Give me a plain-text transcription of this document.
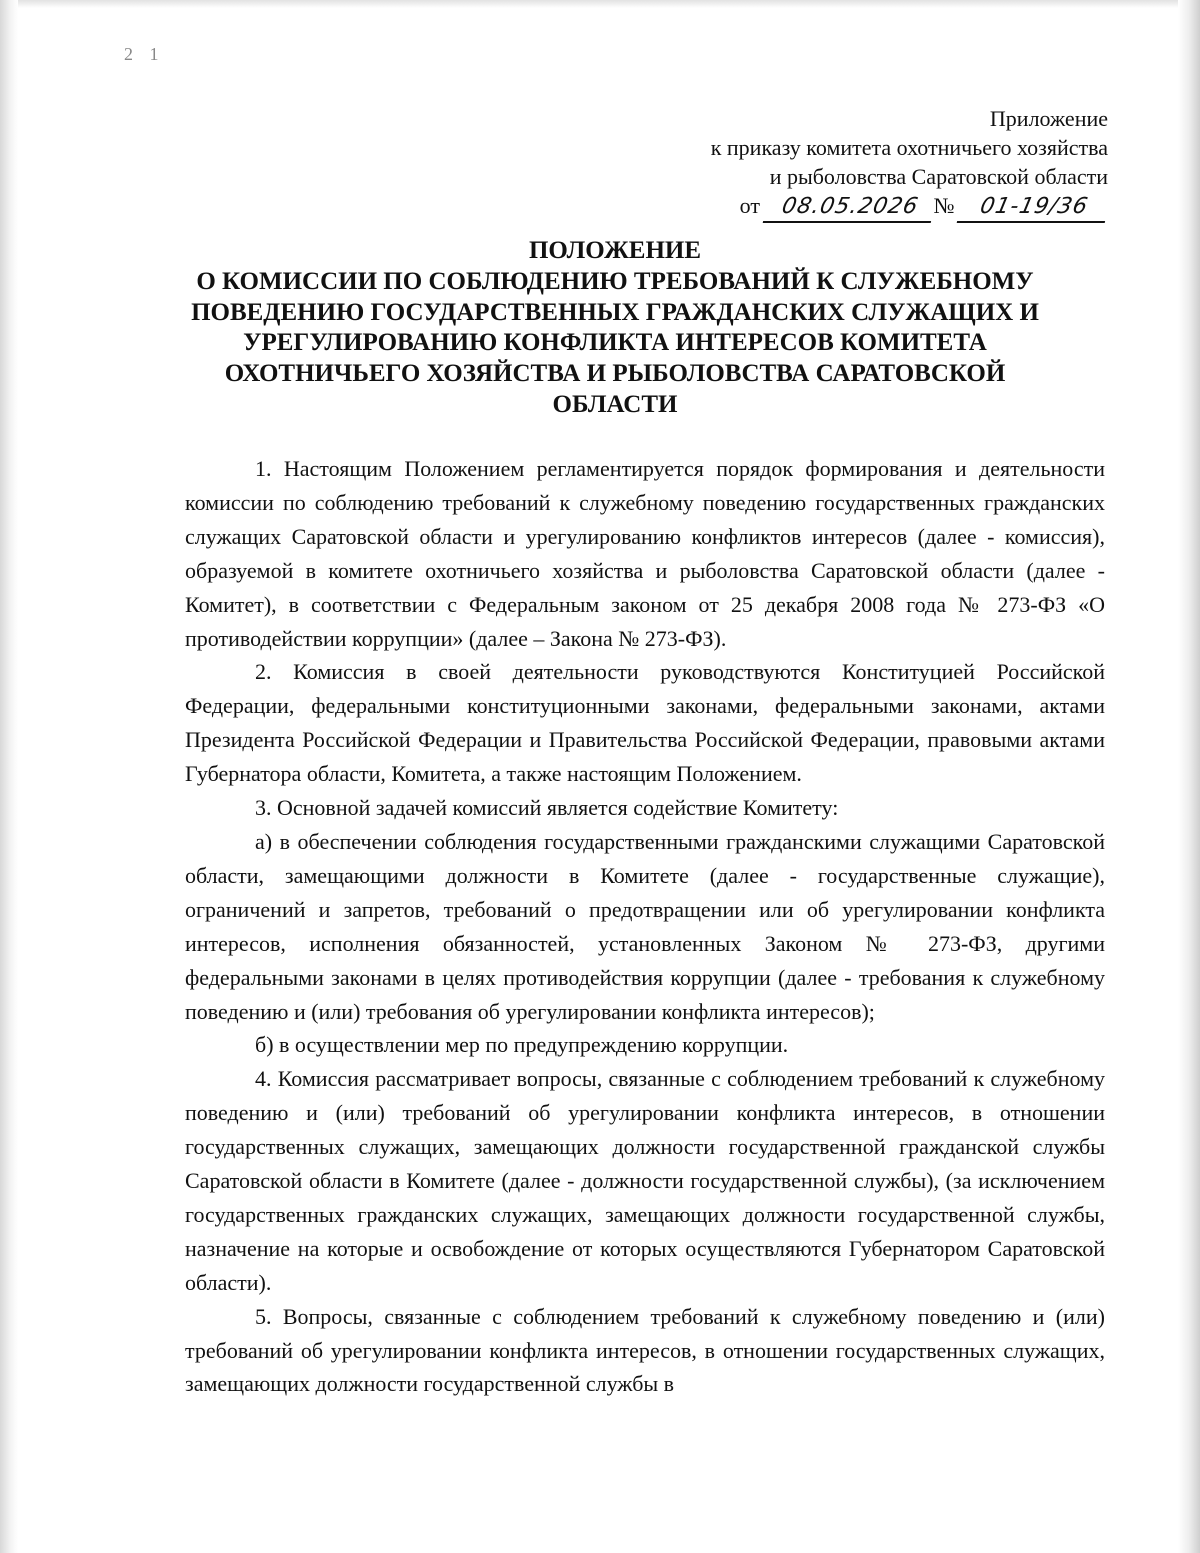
2 1
Приложение
к приказу комитета охотничьего хозяйства
и рыболовства Саратовской области
от 08.05.2026 № 01-19/36
ПОЛОЖЕНИЕ
О КОМИССИИ ПО СОБЛЮДЕНИЮ ТРЕБОВАНИЙ К СЛУЖЕБНОМУ
ПОВЕДЕНИЮ ГОСУДАРСТВЕННЫХ ГРАЖДАНСКИХ СЛУЖАЩИХ И
УРЕГУЛИРОВАНИЮ КОНФЛИКТА ИНТЕРЕСОВ КОМИТЕТА
ОХОТНИЧЬЕГО ХОЗЯЙСТВА И РЫБОЛОВСТВА САРАТОВСКОЙ
ОБЛАСТИ

1. Настоящим Положением регламентируется порядок формирования и деятельности комиссии по соблюдению требований к служебному поведению государственных гражданских служащих Саратовской области и урегулированию конфликтов интересов (далее - комиссия), образуемой в комитете охотничьего хозяйства и рыболовства Саратовской области (далее - Комитет), в соответствии с Федеральным законом от 25 декабря 2008 года № 273-ФЗ «О противодействии коррупции» (далее – Закона № 273-ФЗ).

2. Комиссия в своей деятельности руководствуются Конституцией Российской Федерации, федеральными конституционными законами, федеральными законами, актами Президента Российской Федерации и Правительства Российской Федерации, правовыми актами Губернатора области, Комитета, а также настоящим Положением.

3. Основной задачей комиссий является содействие Комитету:

а) в обеспечении соблюдения государственными гражданскими служащими Саратовской области, замещающими должности в Комитете (далее - государственные служащие), ограничений и запретов, требований о предотвращении или об урегулировании конфликта интересов, исполнения обязанностей, установленных Законом № 273-ФЗ, другими федеральными законами в целях противодействия коррупции (далее - требования к служебному поведению и (или) требования об урегулировании конфликта интересов);

б) в осуществлении мер по предупреждению коррупции.

4. Комиссия рассматривает вопросы, связанные с соблюдением требований к служебному поведению и (или) требований об урегулировании конфликта интересов, в отношении государственных служащих, замещающих должности государственной гражданской службы Саратовской области в Комитете (далее - должности государственной службы), (за исключением государственных гражданских служащих, замещающих должности государственной службы, назначение на которые и освобождение от которых осуществляются Губернатором Саратовской области).

5. Вопросы, связанные с соблюдением требований к служебному поведению и (или) требований об урегулировании конфликта интересов, в отношении государственных служащих, замещающих должности государственной службы в
